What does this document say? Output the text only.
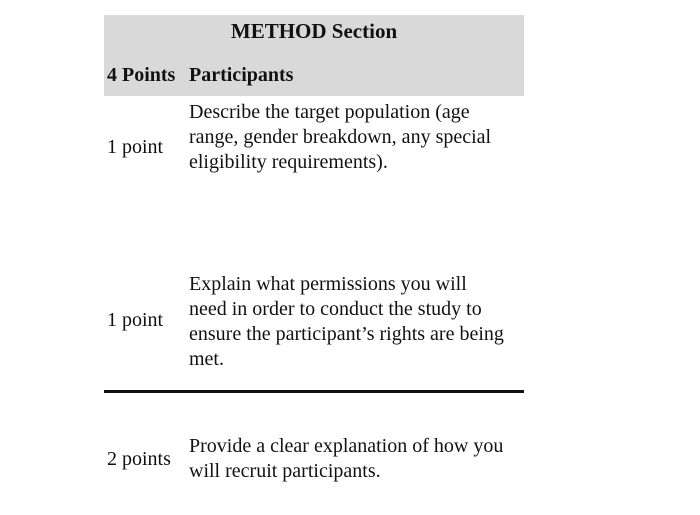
METHOD Section
4 Points Participants
1 point
Describe the target population (age range, gender breakdown, any special eligibility requirements).
1 point
Explain what permissions you will need in order to conduct the study to ensure the participant’s rights are being met.
2 points
Provide a clear explanation of how you will recruit participants.
